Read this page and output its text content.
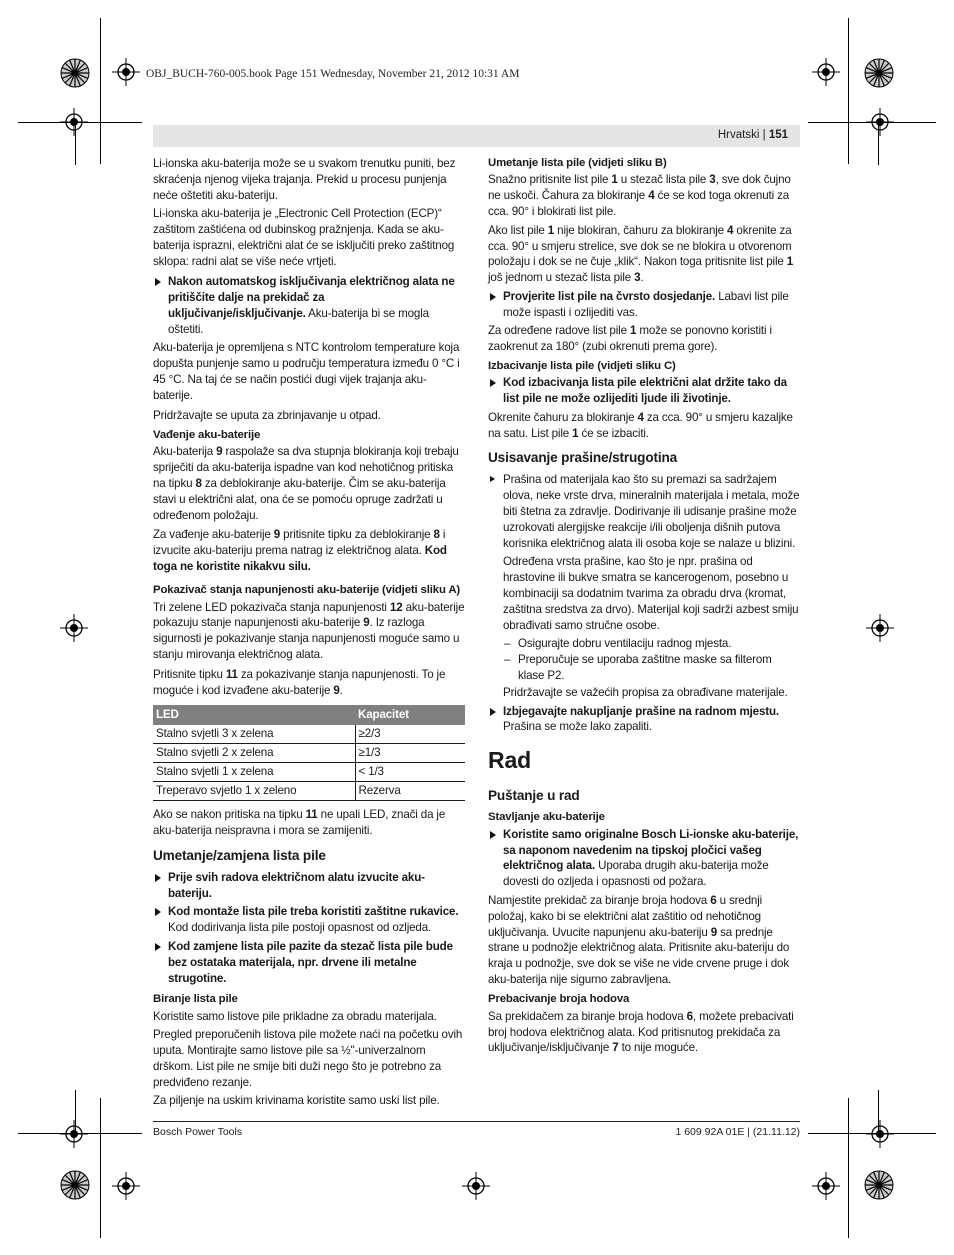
OBJ_BUCH-760-005.book Page 151 Wednesday, November 21, 2012 10:31 AM
Hrvatski | 151
Li-ionska aku-baterija može se u svakom trenutku puniti, bez skraćenja njenog vijeka trajanja. Prekid u procesu punjenja neće oštetiti aku-bateriju.
Li-ionska aku-baterija je „Electronic Cell Protection (ECP)“ zaštitom zaštićena od dubinskog pražnjenja. Kada se aku-baterija isprazni, električni alat će se isključiti preko zaštitnog sklopa: radni alat se više neće vrtjeti.
Nakon automatskog isključivanja električnog alata ne pritiščite dalje na prekidač za uključivanje/isključivanje. Aku-baterija bi se mogla oštetiti.
Aku-baterija je opremljena s NTC kontrolom temperature koja dopušta punjenje samo u području temperatura između 0 °C i 45 °C. Na taj će se način postići dugi vijek trajanja aku-baterije.
Pridržavajte se uputa za zbrinjavanje u otpad.
Vađenje aku-baterije
Aku-baterija 9 raspolaže sa dva stupnja blokiranja koji trebaju spriječiti da aku-baterija ispadne van kod nehotičnog pritiska na tipku 8 za deblokiranje aku-baterije. Čim se aku-baterija stavi u električni alat, ona će se pomoću opruge zadržati u određenom položaju.
Za vađenje aku-baterije 9 pritisnite tipku za deblokiranje 8 i izvucite aku-bateriju prema natrag iz električnog alata. Kod toga ne koristite nikakvu silu.
Pokazivač stanja napunjenosti aku-baterije (vidjeti sliku A)
Tri zelene LED pokazivača stanja napunjenosti 12 aku-baterije pokazuju stanje napunjenosti aku-baterije 9. Iz razloga sigurnosti je pokazivanje stanja napunjenosti moguće samo u stanju mirovanja električnog alata.
Pritisnite tipku 11 za pokazivanje stanja napunjenosti. To je moguće i kod izvađene aku-baterije 9.
LED	Kapacitet
Stalno svjetli 3 x zelena	≥2/3
Stalno svjetli 2 x zelena	≥1/3
Stalno svjetli 1 x zelena	< 1/3
Treperavo svjetlo 1 x zeleno	Rezerva
Ako se nakon pritiska na tipku 11 ne upali LED, znači da je aku-baterija neispravna i mora se zamijeniti.
Umetanje/zamjena lista pile
Prije svih radova električnom alatu izvucite aku-bateriju.
Kod montaže lista pile treba koristiti zaštitne rukavice. Kod dodirivanja lista pile postoji opasnost od ozljeda.
Kod zamjene lista pile pazite da stezač lista pile bude bez ostataka materijala, npr. drvene ili metalne strugotine.
Biranje lista pile
Koristite samo listove pile prikladne za obradu materijala.
Pregled preporučenih listova pile možete naći na početku ovih uputa. Montirajte samo listove pile sa ½"-univerzalnom drškom. List pile ne smije biti duži nego što je potrebno za predviđeno rezanje.
Za piljenje na uskim krivinama koristite samo uski list pile.
Umetanje lista pile (vidjeti sliku B)
Snažno pritisnite list pile 1 u stezač lista pile 3, sve dok čujno ne uskoči. Čahura za blokiranje 4 će se kod toga okrenuti za cca. 90° i blokirati list pile.
Ako list pile 1 nije blokiran, čahuru za blokiranje 4 okrenite za cca. 90° u smjeru strelice, sve dok se ne blokira u otvorenom položaju i dok se ne čuje „klik“. Nakon toga pritisnite list pile 1 još jednom u stezač lista pile 3.
Provjerite list pile na čvrsto dosjedanje. Labavi list pile može ispasti i ozlijediti vas.
Za određene radove list pile 1 može se ponovno koristiti i zaokrenut za 180° (zubi okrenuti prema gore).
Izbacivanje lista pile (vidjeti sliku C)
Kod izbacivanja lista pile električni alat držite tako da list pile ne može ozlijediti ljude ili životinje.
Okrenite čahuru za blokiranje 4 za cca. 90° u smjeru kazaljke na satu. List pile 1 će se izbaciti.
Usisavanje prašine/strugotina
Prašina od materijala kao što su premazi sa sadržajem olova, neke vrste drva, mineralnih materijala i metala, može biti štetna za zdravlje. Dodirivanje ili udisanje prašine može uzrokovati alergijske reakcije i/ili oboljenja dišnih putova korisnika električnog alata ili osoba koje se nalaze u blizini.
Određena vrsta prašine, kao što je npr. prašina od hrastovine ili bukve smatra se kancerogenom, posebno u kombinaciji sa dodatnim tvarima za obradu drva (kromat, zaštitna sredstva za drvo). Materijal koji sadrži azbest smiju obrađivati samo stručne osobe.
– Osigurajte dobru ventilaciju radnog mjesta.
– Preporučuje se uporaba zaštitne maske sa filterom klase P2.
Pridržavajte se važećih propisa za obrađivane materijale.
Izbjegavajte nakupljanje prašine na radnom mjestu.
Prašina se može lako zapaliti.
Rad
Puštanje u rad
Stavljanje aku-baterije
Koristite samo originalne Bosch Li-ionske aku-baterije, sa naponom navedenim na tipskoj pločici vašeg električnog alata. Uporaba drugih aku-baterija može dovesti do ozljeda i opasnosti od požara.
Namjestite prekidač za biranje broja hodova 6 u srednji položaj, kako bi se električni alat zaštitio od nehotičnog uključivanja. Uvucite napunjenu aku-bateriju 9 sa prednje strane u podnožje električnog alata. Pritisnite aku-bateriju do kraja u podnožje, sve dok se više ne vide crvene pruge i dok aku-baterija nije sigurno zabravljena.
Prebacivanje broja hodova
Sa prekidačem za biranje broja hodova 6, možete prebacivati broj hodova električnog alata. Kod pritisnutog prekidača za uključivanje/isključivanje 7 to nije moguće.
Bosch Power Tools	1 609 92A 01E | (21.11.12)
